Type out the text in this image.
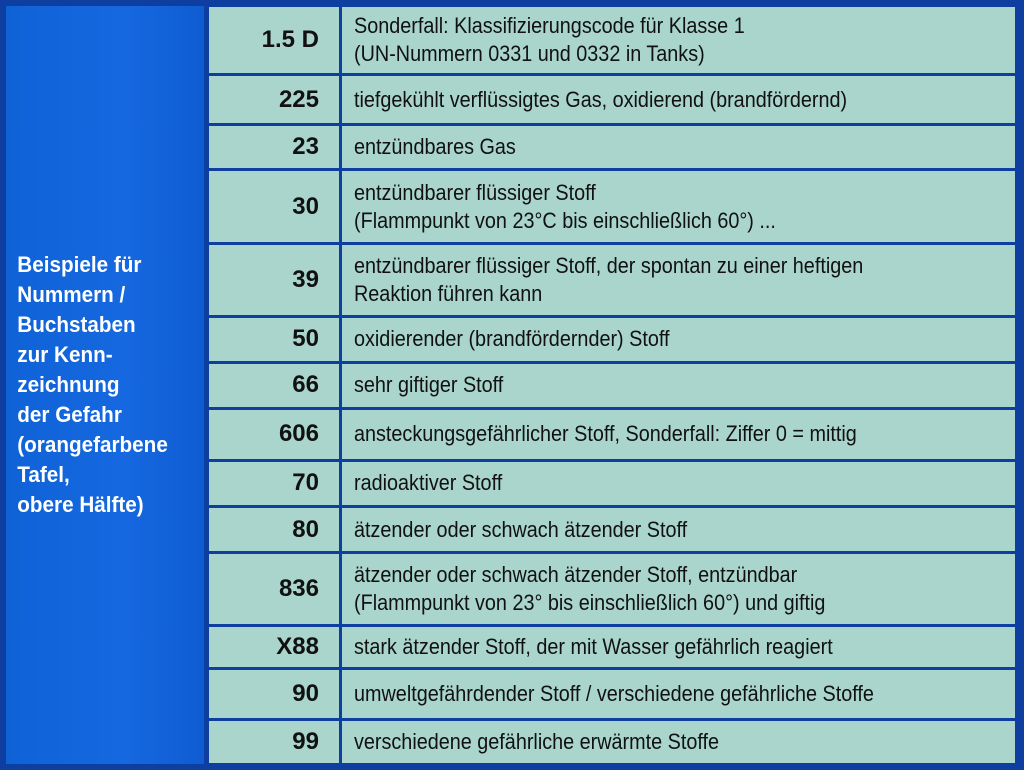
Beispiele für
Nummern /
Buchstaben
zur Kenn-
zeichnung
der Gefahr
(orangefarbene
Tafel,
obere Hälfte)
1.5 D	Sonderfall: Klassifizierungscode für Klasse 1
(UN-Nummern 0331 und 0332 in Tanks)
225	tiefgekühlt verflüssigtes Gas, oxidierend (brandfördernd)
23	entzündbares Gas
30	entzündbarer flüssiger Stoff
(Flammpunkt von 23°C bis einschließlich 60°) ...
39	entzündbarer flüssiger Stoff, der spontan zu einer heftigen
Reaktion führen kann
50	oxidierender (brandfördernder) Stoff
66	sehr giftiger Stoff
606	ansteckungsgefährlicher Stoff, Sonderfall: Ziffer 0 = mittig
70	radioaktiver Stoff
80	ätzender oder schwach ätzender Stoff
836	ätzender oder schwach ätzender Stoff, entzündbar
(Flammpunkt von 23° bis einschließlich 60°) und giftig
X88	stark ätzender Stoff, der mit Wasser gefährlich reagiert
90	umweltgefährdender Stoff / verschiedene gefährliche Stoffe
99	verschiedene gefährliche erwärmte Stoffe
